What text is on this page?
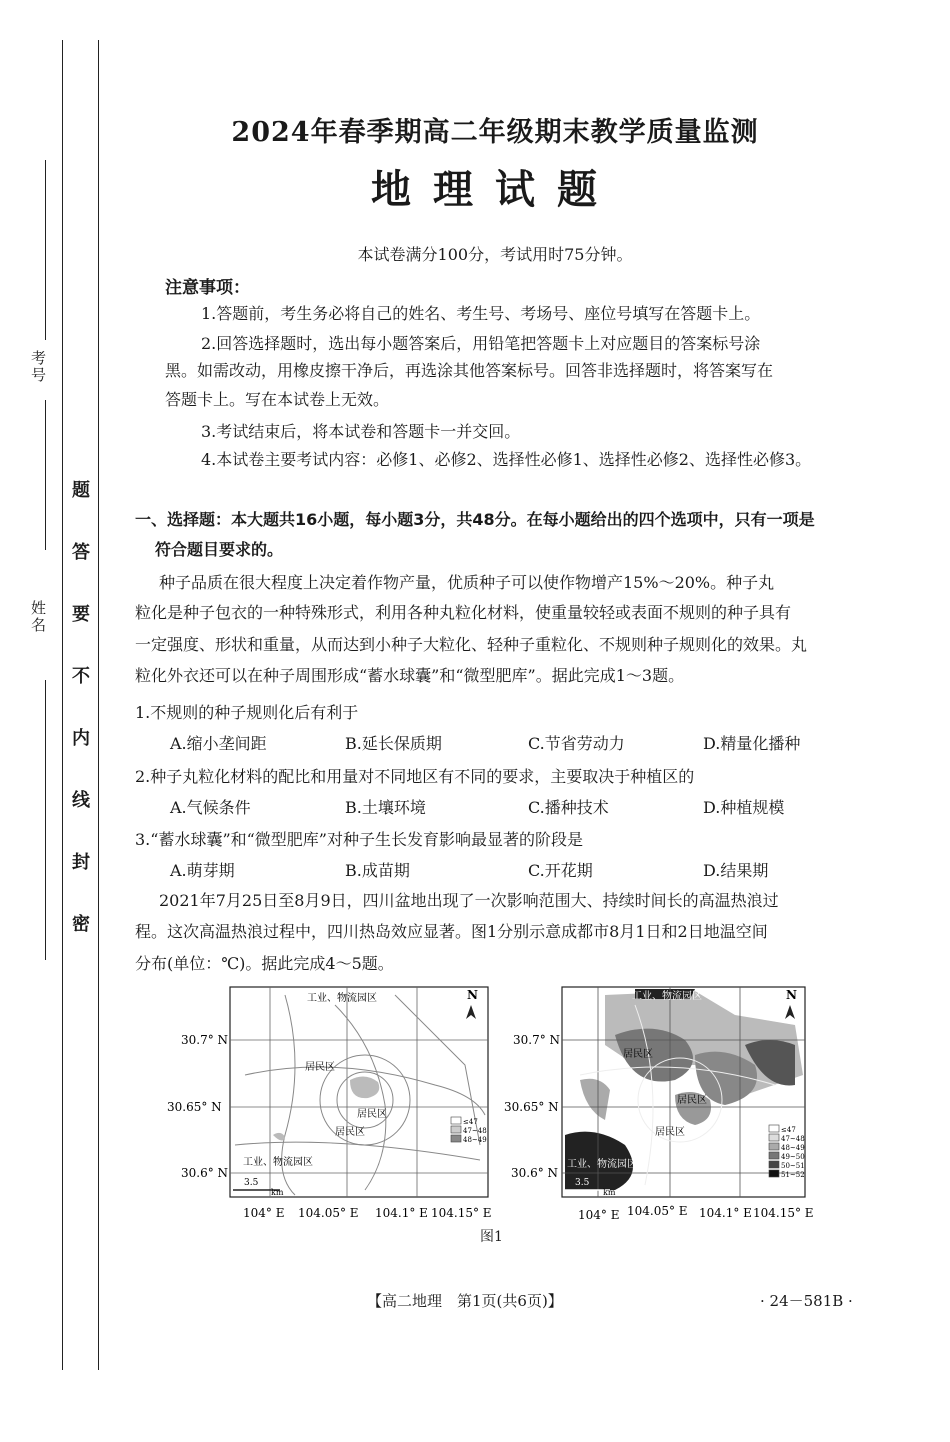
考号
姓名
题
答
要
不
内
线
封
密
2024年春季期高二年级期末教学质量监测
地理试题
本试卷满分100分，考试用时75分钟。
注意事项：
1.答题前，考生务必将自己的姓名、考生号、考场号、座位号填写在答题卡上。
2.回答选择题时，选出每小题答案后，用铅笔把答题卡上对应题目的答案标号涂
黑。如需改动，用橡皮擦干净后，再选涂其他答案标号。回答非选择题时，将答案写在
答题卡上。写在本试卷上无效。
3.考试结束后，将本试卷和答题卡一并交回。
4.本试卷主要考试内容：必修1、必修2、选择性必修1、选择性必修2、选择性必修3。
一、选择题：本大题共16小题，每小题3分，共48分。在每小题给出的四个选项中，只有一项是
符合题目要求的。
种子品质在很大程度上决定着作物产量，优质种子可以使作物增产15%～20%。种子丸
粒化是种子包衣的一种特殊形式，利用各种丸粒化材料，使重量较轻或表面不规则的种子具有
一定强度、形状和重量，从而达到小种子大粒化、轻种子重粒化、不规则种子规则化的效果。丸
粒化外衣还可以在种子周围形成“蓄水球囊”和“微型肥库”。据此完成1～3题。
1.不规则的种子规则化后有利于
A.缩小垄间距	B.延长保质期	C.节省劳动力	D.精量化播种
2.种子丸粒化材料的配比和用量对不同地区有不同的要求，主要取决于种植区的
A.气候条件	B.土壤环境	C.播种技术	D.种植规模
3.“蓄水球囊”和“微型肥库”对种子生长发育影响最显著的阶段是
A.萌芽期	B.成苗期	C.开花期	D.结果期
2021年7月25日至8月9日，四川盆地出现了一次影响范围大、持续时间长的高温热浪过
程。这次高温热浪过程中，四川热岛效应显著。图1分别示意成都市8月1日和2日地温空间
分布(单位：℃)。据此完成4～5题。
工业、物流园区
居民区
居民区
居民区
工业、物流园区
N
≤47
47~48
48~49
3.5
km
30.7° N
30.65° N
30.6° N
104° E 104.05° E 104.1° E 104.15° E
工业、物流园区
居民区
居民区
居民区
工业、物流园区
N
≤47
47~48
48~49
49~50
50~51
51~52
3.5
km
30.7° N
30.65° N
30.6° N
104° E 104.05° E 104.1° E 104.15° E
图1
【高二地理　第1页(共6页)】	· 24－581B ·
